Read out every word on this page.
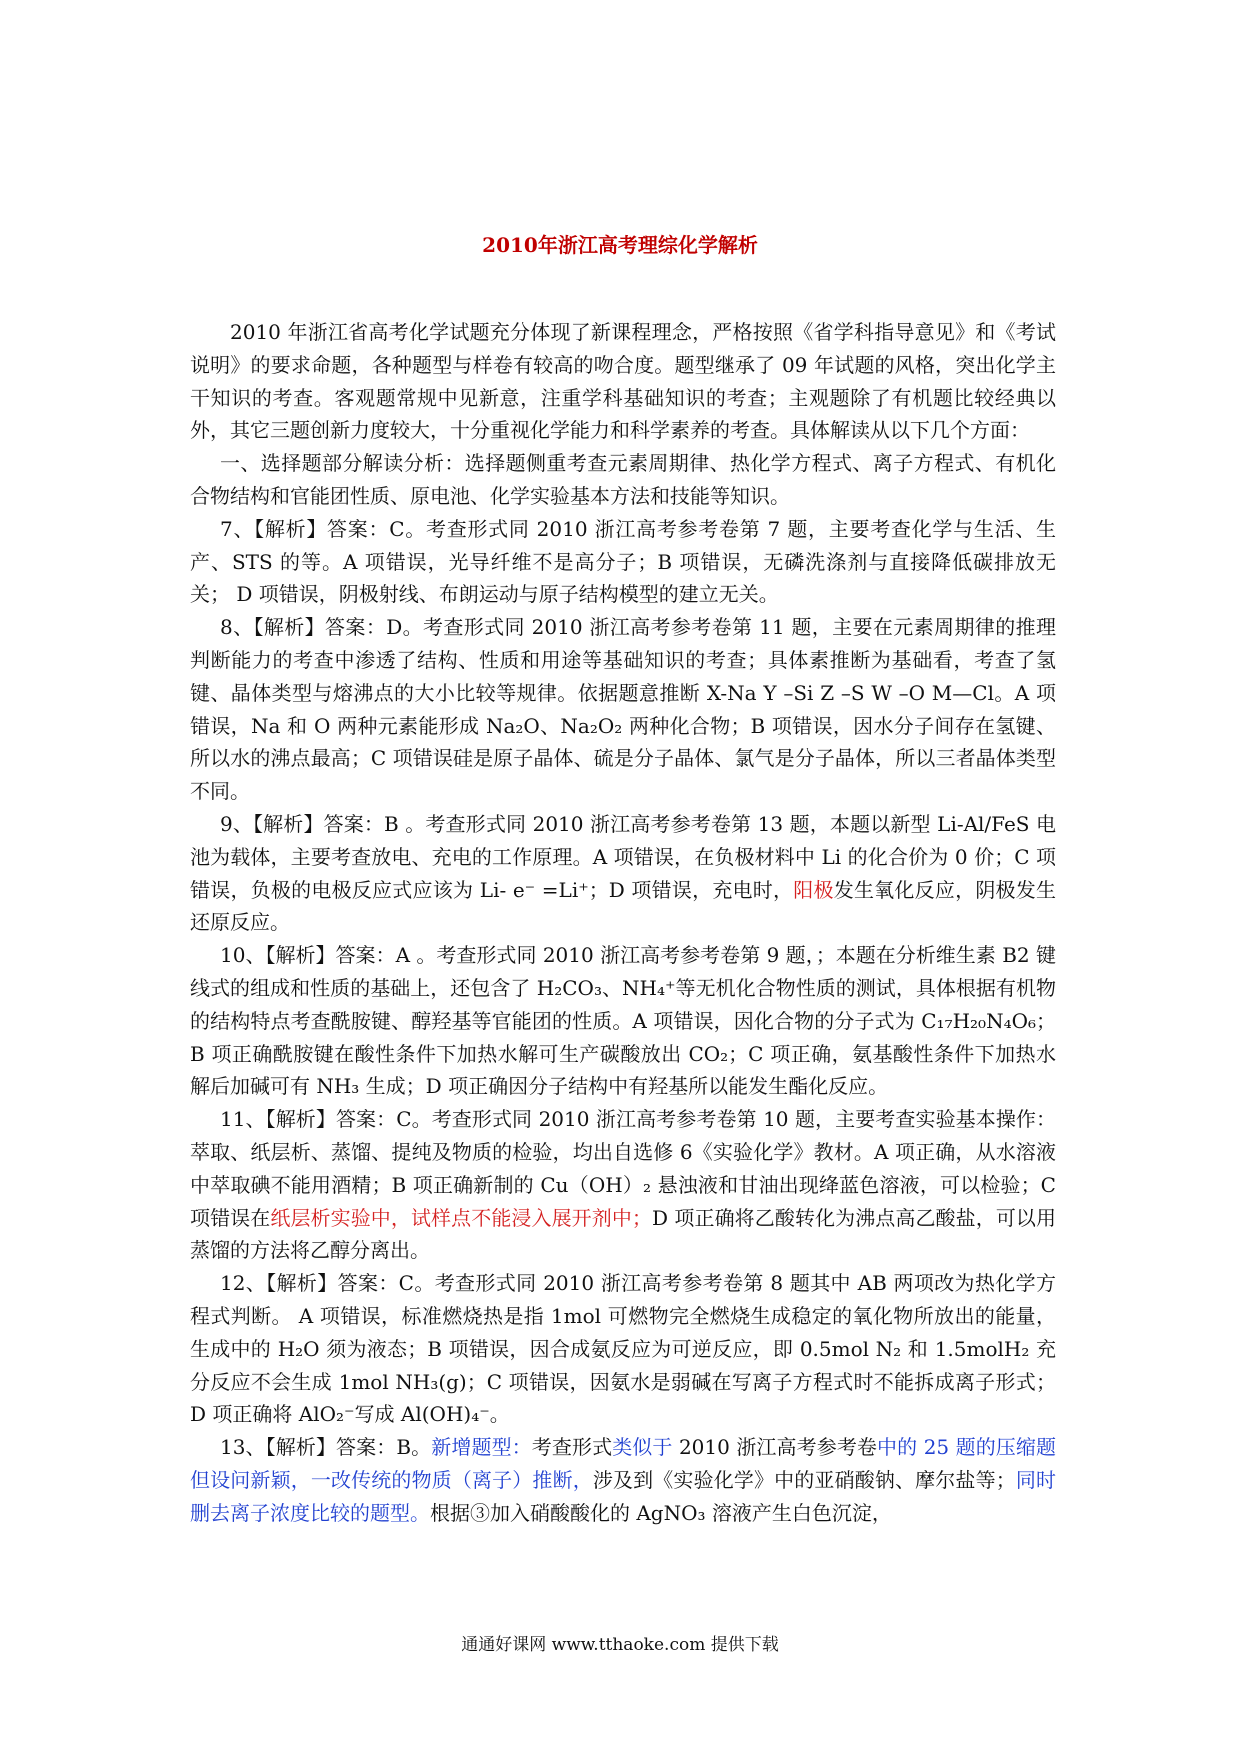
2010年浙江高考理综化学解析

2010 年浙江省高考化学试题充分体现了新课程理念，严格按照《省学科指导意见》和《考试说明》的要求命题，各种题型与样卷有较高的吻合度。题型继承了 09 年试题的风格，突出化学主干知识的考查。客观题常规中见新意，注重学科基础知识的考查；主观题除了有机题比较经典以外，其它三题创新力度较大，十分重视化学能力和科学素养的考查。具体解读从以下几个方面：

一、选择题部分解读分析：选择题侧重考查元素周期律、热化学方程式、离子方程式、有机化合物结构和官能团性质、原电池、化学实验基本方法和技能等知识。

7、【解析】答案：C。考查形式同 2010 浙江高考参考卷第 7 题，主要考查化学与生活、生产、STS 的等。A 项错误，光导纤维不是高分子；B 项错误，无磷洗涤剂与直接降低碳排放无关； D 项错误，阴极射线、布朗运动与原子结构模型的建立无关。

8、【解析】答案：D。考查形式同 2010 浙江高考参考卷第 11 题，主要在元素周期律的推理判断能力的考查中渗透了结构、性质和用途等基础知识的考查；具体素推断为基础看，考查了氢键、晶体类型与熔沸点的大小比较等规律。依据题意推断 X-Na Y –Si Z –S W –O M—Cl。A 项错误，Na 和 O 两种元素能形成 Na₂O、Na₂O₂ 两种化合物；B 项错误，因水分子间存在氢键、所以水的沸点最高；C 项错误硅是原子晶体、硫是分子晶体、氯气是分子晶体，所以三者晶体类型不同。

9、【解析】答案：B 。考查形式同 2010 浙江高考参考卷第 13 题，本题以新型 Li-Al/FeS 电池为载体，主要考查放电、充电的工作原理。A 项错误，在负极材料中 Li 的化合价为 0 价；C 项错误，负极的电极反应式应该为 Li- e⁻ =Li⁺；D 项错误，充电时，阳极发生氧化反应，阴极发生还原反应。

10、【解析】答案：A 。考查形式同 2010 浙江高考参考卷第 9 题，；本题在分析维生素 B2 键线式的组成和性质的基础上，还包含了 H₂CO₃、NH₄⁺等无机化合物性质的测试，具体根据有机物的结构特点考查酰胺键、醇羟基等官能团的性质。A 项错误，因化合物的分子式为 C₁₇H₂₀N₄O₆；B 项正确酰胺键在酸性条件下加热水解可生产碳酸放出 CO₂；C 项正确，氨基酸性条件下加热水解后加碱可有 NH₃ 生成；D 项正确因分子结构中有羟基所以能发生酯化反应。

11、【解析】答案：C。考查形式同 2010 浙江高考参考卷第 10 题，主要考查实验基本操作：萃取、纸层析、蒸馏、提纯及物质的检验，均出自选修 6《实验化学》教材。A 项正确，从水溶液中萃取碘不能用酒精；B 项正确新制的 Cu（OH）₂ 悬浊液和甘油出现绛蓝色溶液，可以检验；C 项错误在纸层析实验中，试样点不能浸入展开剂中；D 项正确将乙酸转化为沸点高乙酸盐，可以用蒸馏的方法将乙醇分离出。

12、【解析】答案：C。考查形式同 2010 浙江高考参考卷第 8 题其中 AB 两项改为热化学方程式判断。 A 项错误，标准燃烧热是指 1mol 可燃物完全燃烧生成稳定的氧化物所放出的能量，生成中的 H₂O 须为液态；B 项错误，因合成氨反应为可逆反应，即 0.5mol N₂ 和 1.5molH₂ 充分反应不会生成 1mol NH₃(g)；C 项错误，因氨水是弱碱在写离子方程式时不能拆成离子形式；D 项正确将 AlO₂⁻写成 Al(OH)₄⁻。

13、【解析】答案：B。新增题型：考查形式类似于 2010 浙江高考参考卷中的 25 题的压缩题但设问新颖，一改传统的物质（离子）推断，涉及到《实验化学》中的亚硝酸钠、摩尔盐等；同时删去离子浓度比较的题型。根据③加入硝酸酸化的 AgNO₃ 溶液产生白色沉淀，

通通好课网 www.tthaoke.com 提供下载
